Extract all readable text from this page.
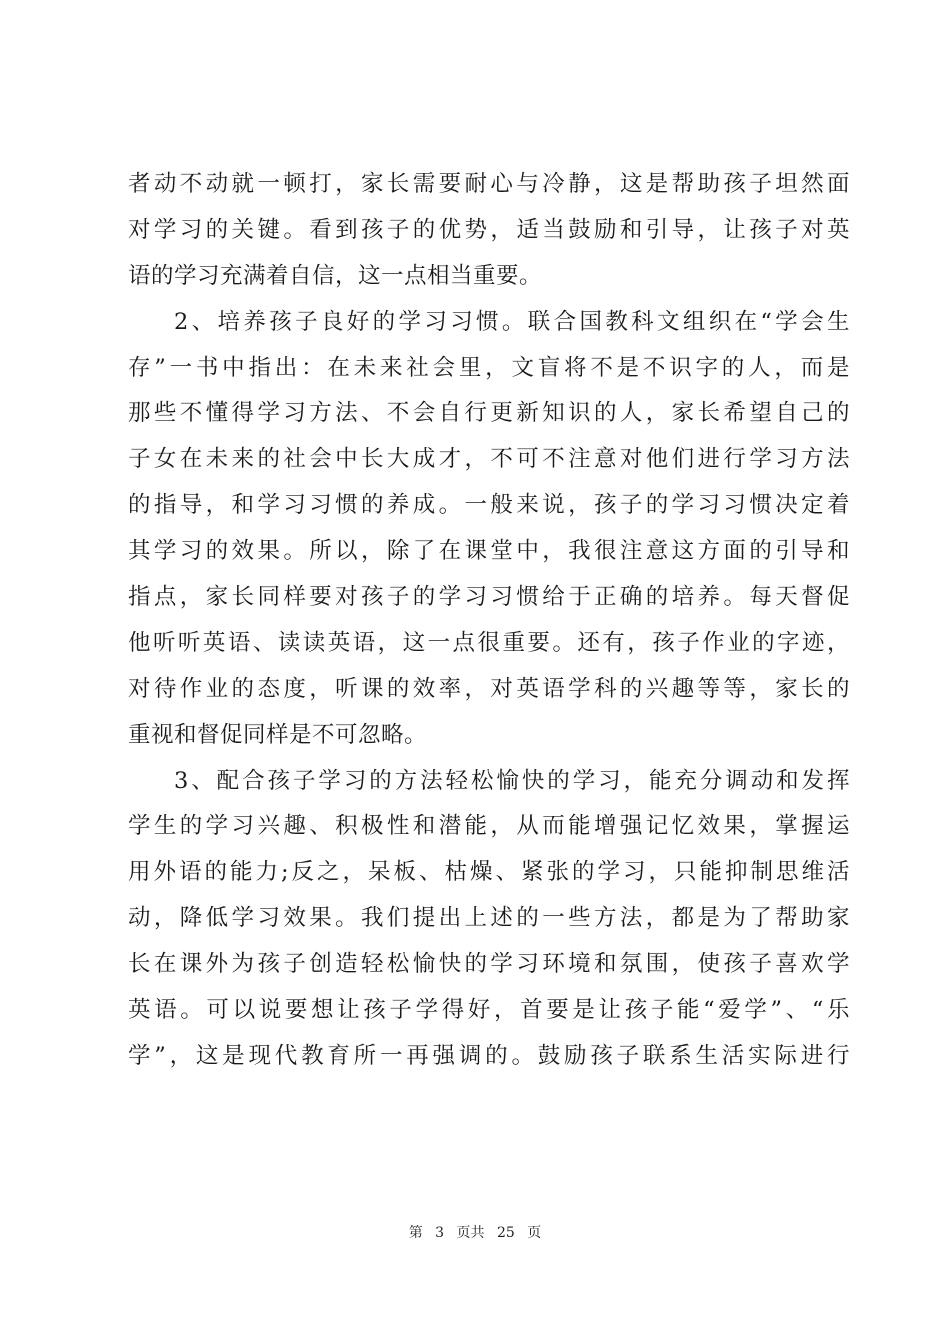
者动不动就一顿打，家长需要耐心与冷静，这是帮助孩子坦然面
对学习的关键。看到孩子的优势，适当鼓励和引导，让孩子对英
语的学习充满着自信，这一点相当重要。
2、培养孩子良好的学习习惯。联合国教科文组织在“学会生
存”一书中指出：在未来社会里，文盲将不是不识字的人，而是
那些不懂得学习方法、不会自行更新知识的人，家长希望自己的
子女在未来的社会中长大成才，不可不注意对他们进行学习方法
的指导，和学习习惯的养成。一般来说，孩子的学习习惯决定着
其学习的效果。所以，除了在课堂中，我很注意这方面的引导和
指点，家长同样要对孩子的学习习惯给于正确的培养。每天督促
他听听英语、读读英语，这一点很重要。还有，孩子作业的字迹，
对待作业的态度，听课的效率，对英语学科的兴趣等等，家长的
重视和督促同样是不可忽略。
3、配合孩子学习的方法轻松愉快的学习，能充分调动和发挥
学生的学习兴趣、积极性和潜能，从而能增强记忆效果，掌握运
用外语的能力;反之，呆板、枯燥、紧张的学习，只能抑制思维活
动，降低学习效果。我们提出上述的一些方法，都是为了帮助家
长在课外为孩子创造轻松愉快的学习环境和氛围，使孩子喜欢学
英语。可以说要想让孩子学得好，首要是让孩子能“爱学”、“乐
学”，这是现代教育所一再强调的。鼓励孩子联系生活实际进行
第 3 页共 25 页
